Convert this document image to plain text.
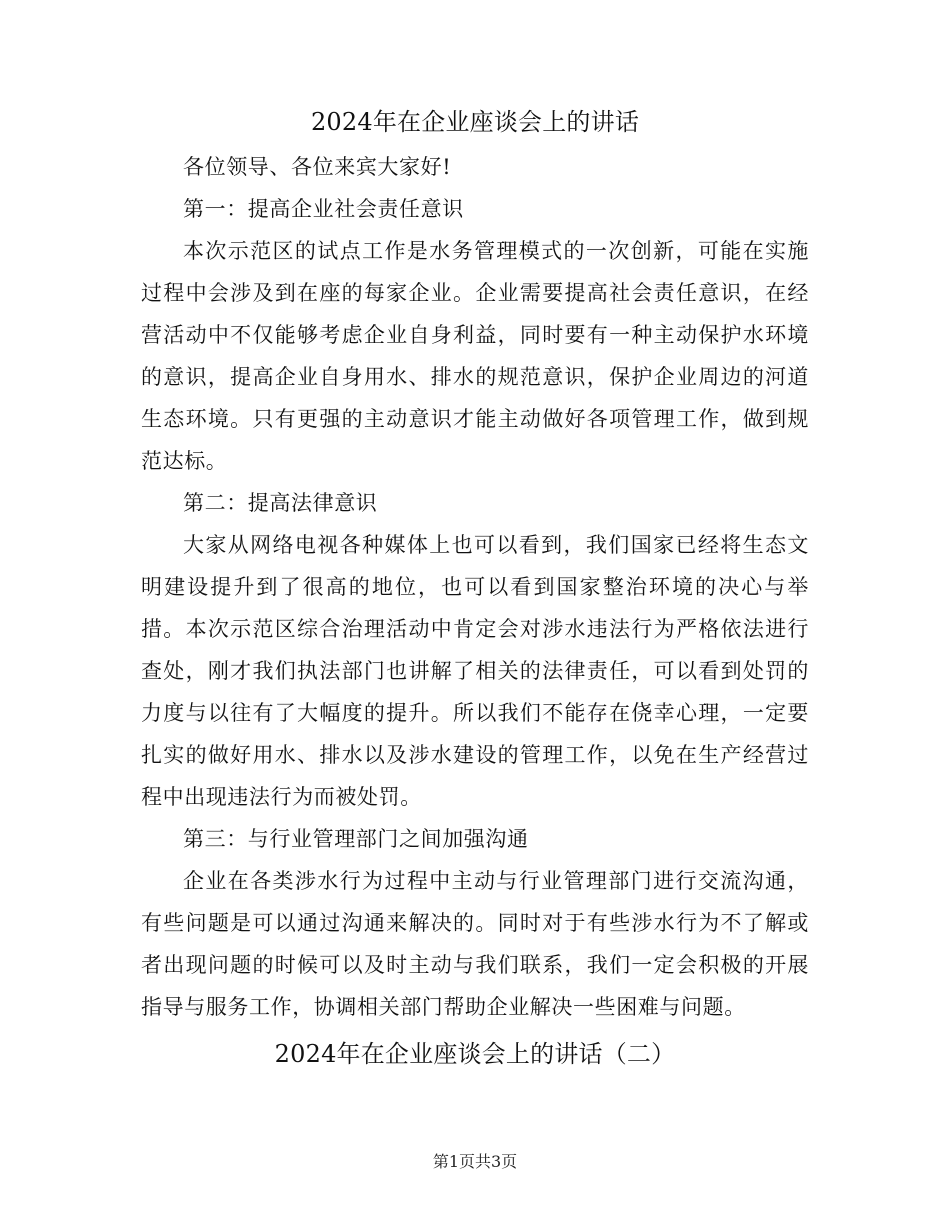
2024年在企业座谈会上的讲话

各位领导、各位来宾大家好!

第一：提高企业社会责任意识

本次示范区的试点工作是水务管理模式的一次创新，可能在实施过程中会涉及到在座的每家企业。企业需要提高社会责任意识，在经营活动中不仅能够考虑企业自身利益，同时要有一种主动保护水环境的意识，提高企业自身用水、排水的规范意识，保护企业周边的河道生态环境。只有更强的主动意识才能主动做好各项管理工作，做到规范达标。

第二：提高法律意识

大家从网络电视各种媒体上也可以看到，我们国家已经将生态文明建设提升到了很高的地位，也可以看到国家整治环境的决心与举措。本次示范区综合治理活动中肯定会对涉水违法行为严格依法进行查处，刚才我们执法部门也讲解了相关的法律责任，可以看到处罚的力度与以往有了大幅度的提升。所以我们不能存在侥幸心理，一定要扎实的做好用水、排水以及涉水建设的管理工作，以免在生产经营过程中出现违法行为而被处罚。

第三：与行业管理部门之间加强沟通

企业在各类涉水行为过程中主动与行业管理部门进行交流沟通，有些问题是可以通过沟通来解决的。同时对于有些涉水行为不了解或者出现问题的时候可以及时主动与我们联系，我们一定会积极的开展指导与服务工作，协调相关部门帮助企业解决一些困难与问题。

2024年在企业座谈会上的讲话（二）
第1页共3页
